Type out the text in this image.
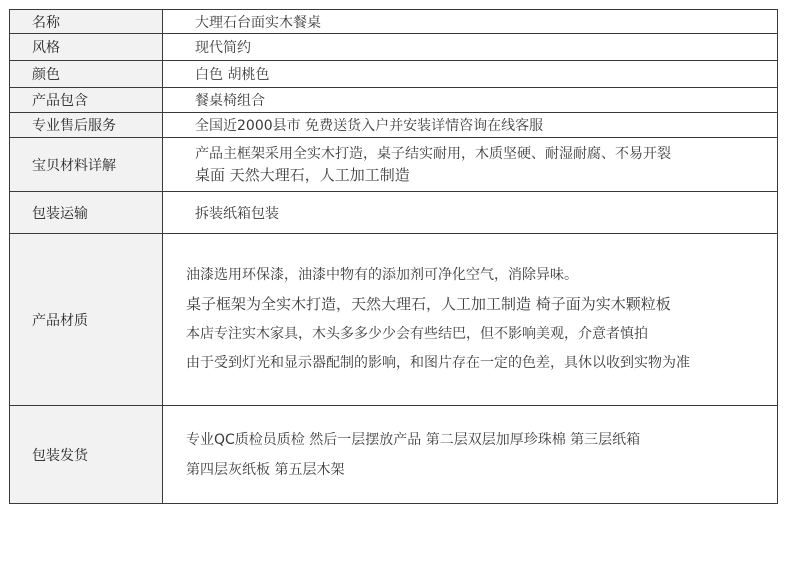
名称	大理石台面实木餐桌
风格	现代简约
颜色	白色 胡桃色
产品包含	餐桌椅组合
专业售后服务	全国近2000县市 免费送货入户并安装详情咨询在线客服
宝贝材料详解	产品主框架采用全实木打造，桌子结实耐用，木质坚硬、耐湿耐腐、不易开裂
桌面 天然大理石，人工加工制造

包装运输	拆装纸箱包装
产品材质	油漆选用环保漆，油漆中物有的添加剂可净化空气，消除异味。
桌子框架为全实木打造，天然大理石，人工加工制造 椅子面为实木颗粒板
本店专注实木家具，木头多多少少会有些结巴，但不影响美观，介意者慎拍
由于受到灯光和显示器配制的影响，和图片存在一定的色差，具休以收到实物为准

包装发货	专业QC质检员质检 然后一层摆放产品 第二层双层加厚珍珠棉 第三层纸箱
第四层灰纸板 第五层木架
